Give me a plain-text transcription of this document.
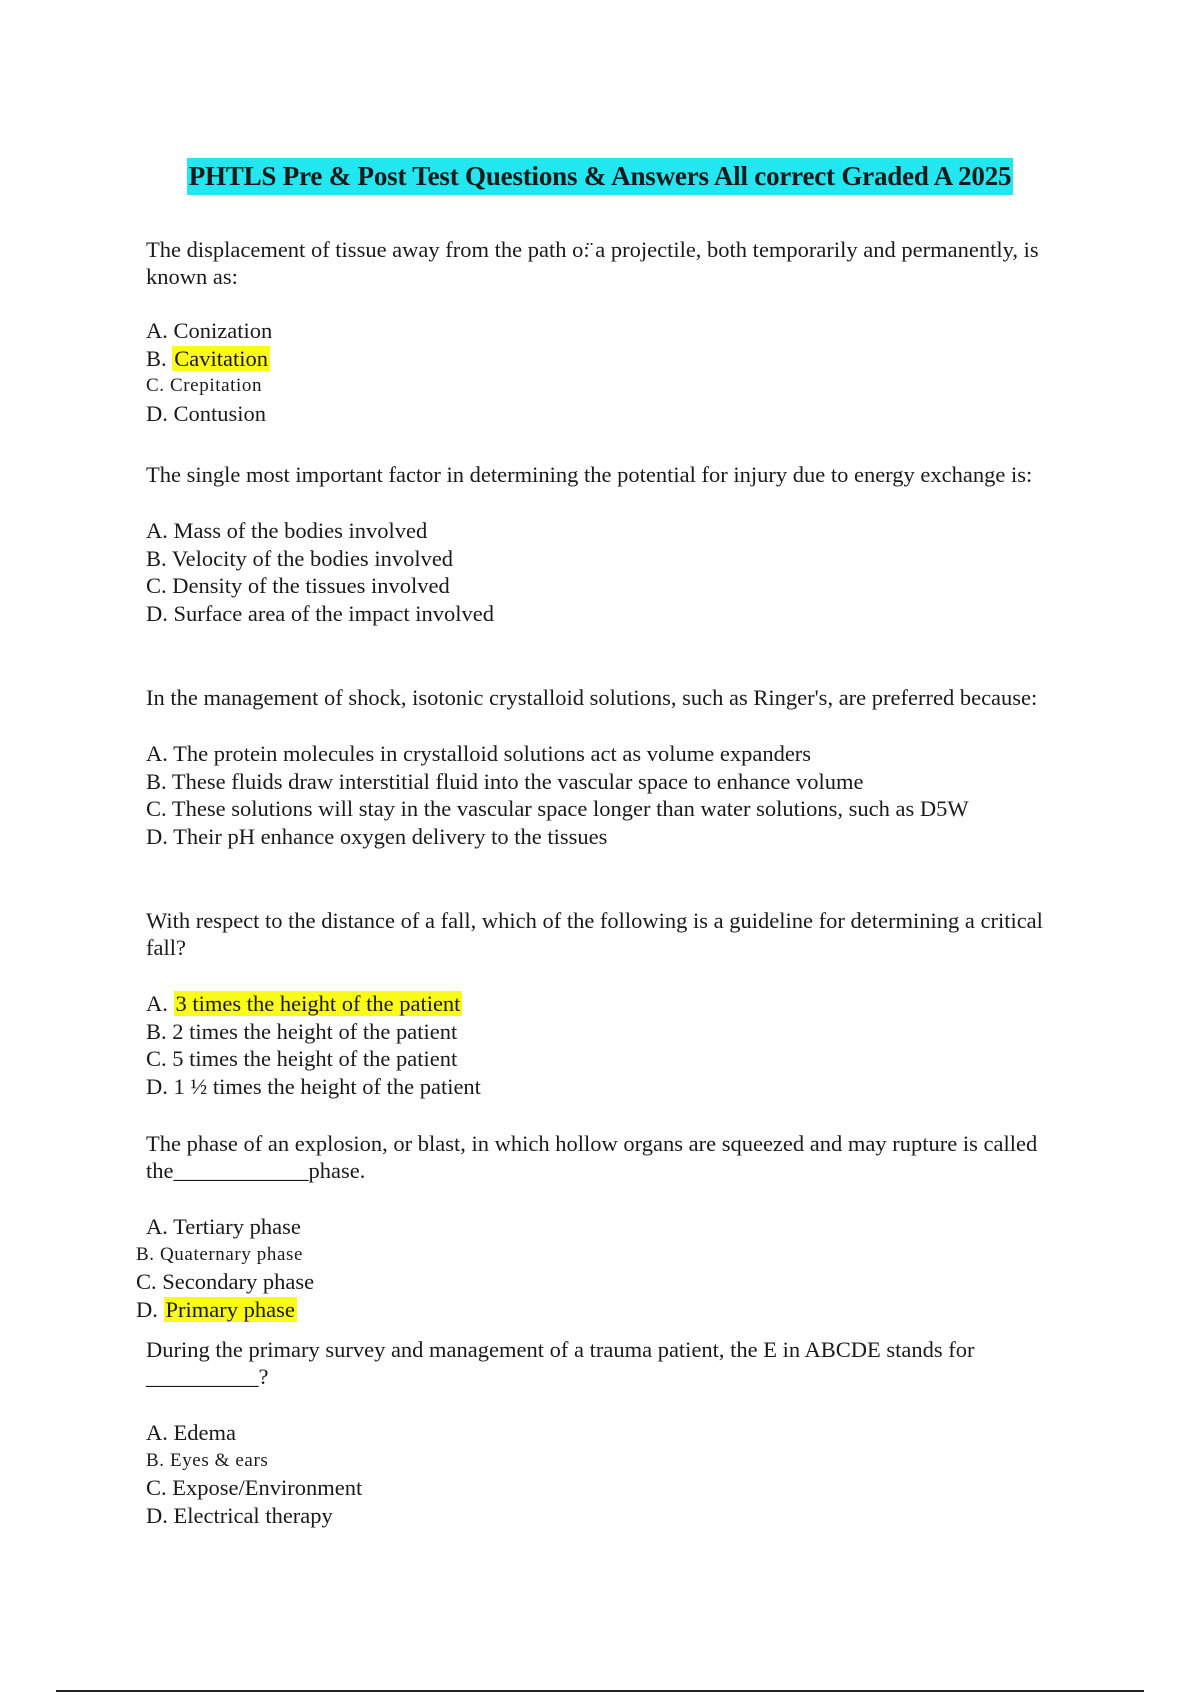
PHTLS Pre & Post Test Questions & Answers All correct Graded A 2025

The displacement of tissue away from the path o:̈ a projectile, both temporarily and permanently, is known as:

A. Conization
B. Cavitation
C. Crepitation
D. Contusion

The single most important factor in determining the potential for injury due to energy exchange is:

A. Mass of the bodies involved
B. Velocity of the bodies involved
C. Density of the tissues involved
D. Surface area of the impact involved

In the management of shock, isotonic crystalloid solutions, such as Ringer's, are preferred because:

A. The protein molecules in crystalloid solutions act as volume expanders
B. These fluids draw interstitial fluid into the vascular space to enhance volume
C. These solutions will stay in the vascular space longer than water solutions, such as D5W
D. Their pH enhance oxygen delivery to the tissues

With respect to the distance of a fall, which of the following is a guideline for determining a critical fall?

A. 3 times the height of the patient
B. 2 times the height of the patient
C. 5 times the height of the patient
D. 1 ½ times the height of the patient

The phase of an explosion, or blast, in which hollow organs are squeezed and may rupture is called the____________phase.

A. Tertiary phase
B. Quaternary phase
C. Secondary phase
D. Primary phase

During the primary survey and management of a trauma patient, the E in ABCDE stands for __________?

A. Edema
B. Eyes & ears
C. Expose/Environment
D. Electrical therapy
